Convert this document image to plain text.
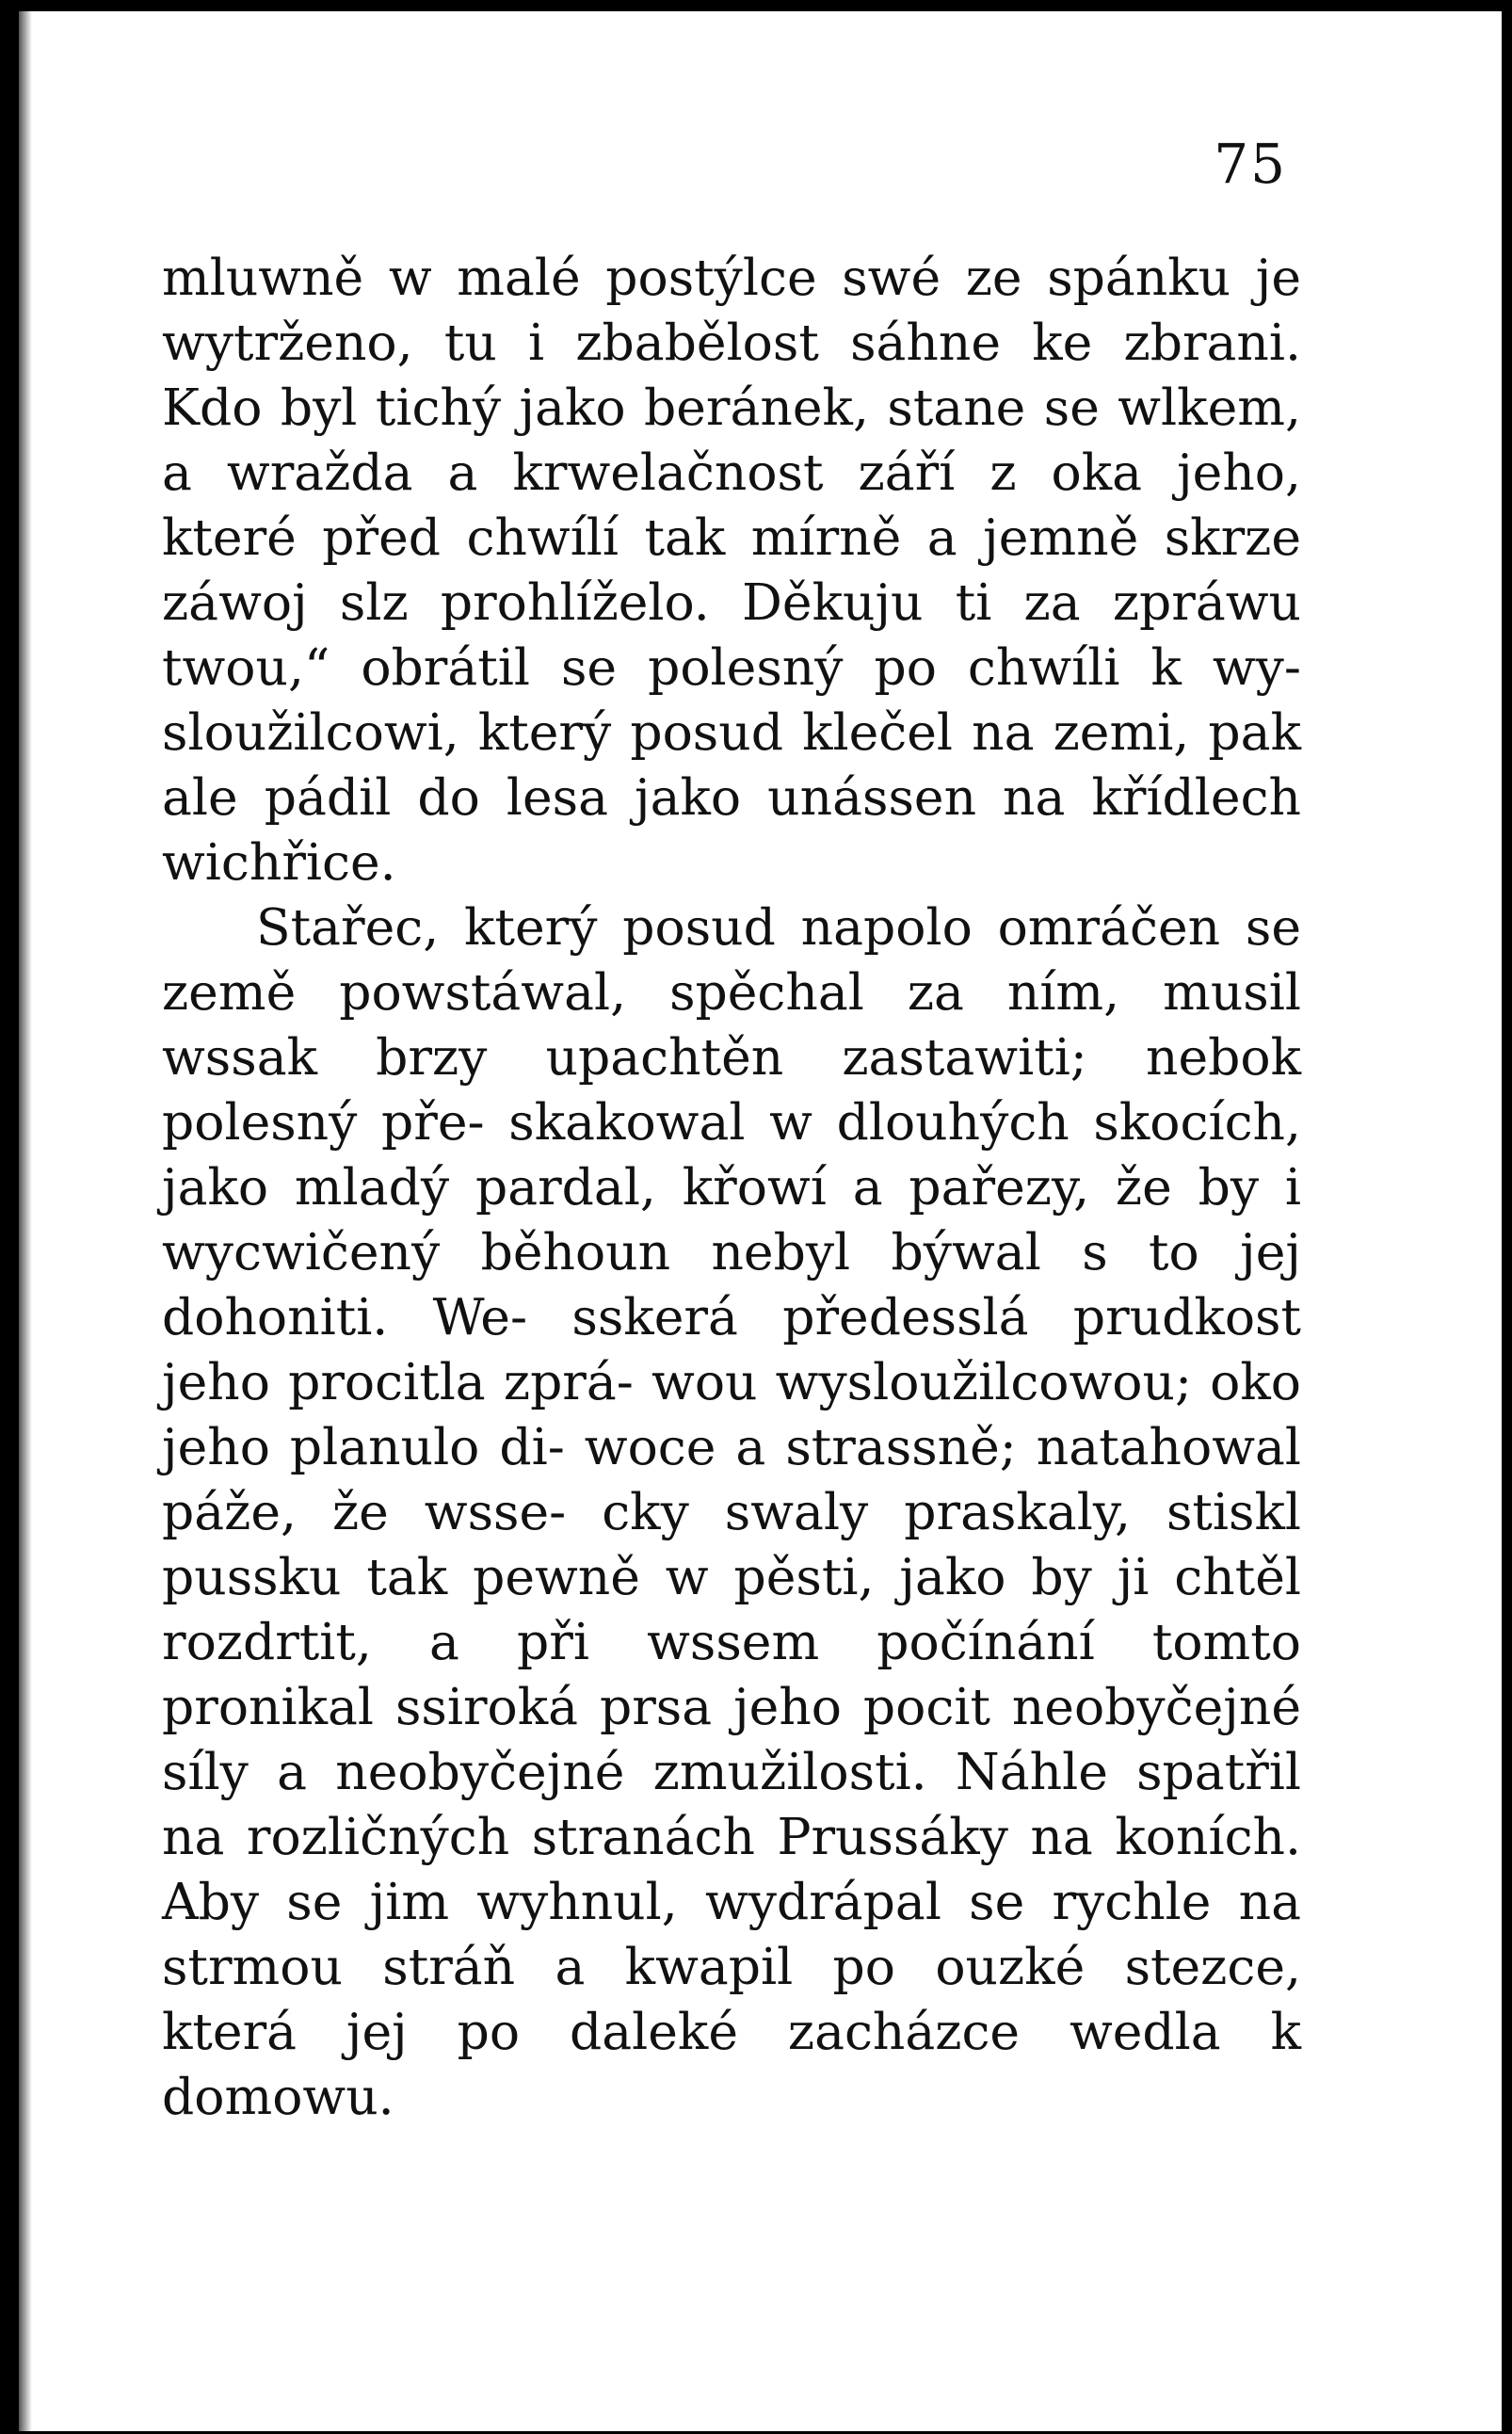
75

mluwně w malé postýlce swé ze spánku je wytrženo, tu i zbabělost sáhne ke zbrani. Kdo byl tichý jako beránek, stane se wlkem, a wražda a krwelačnost září z oka jeho, které před chwílí tak mírně a jemně skrze záwoj slz prohlíželo. Děkuju ti za zpráwu twou,“ obrátil se polesný po chwíli k wy- sloužilcowi, který posud klečel na zemi, pak ale pádil do lesa jako unássen na křídlech wichřice.

Stařec, který posud napolo omráčen se země powstáwal, spěchal za ním, musil wssak brzy upachtěn zastawiti; nebok polesný pře- skakowal w dlouhých skocích, jako mladý pardal, křowí a pařezy, že by i wycwičený běhoun nebyl býwal s to jej dohoniti. We- sskerá předesslá prudkost jeho procitla zprá- wou wysloužilcowou; oko jeho planulo di- woce a strassně; natahowal páže, že wsse- cky swaly praskaly, stiskl pussku tak pewně w pěsti, jako by ji chtěl rozdrtit, a při wssem počínání tomto pronikal ssiroká prsa jeho pocit neobyčejné síly a neobyčejné zmužilosti. Náhle spatřil na rozličných stranách Prussáky na koních. Aby se jim wyhnul, wydrápal se rychle na strmou stráň a kwapil po ouzké stezce, která jej po daleké zacházce wedla k domowu.
